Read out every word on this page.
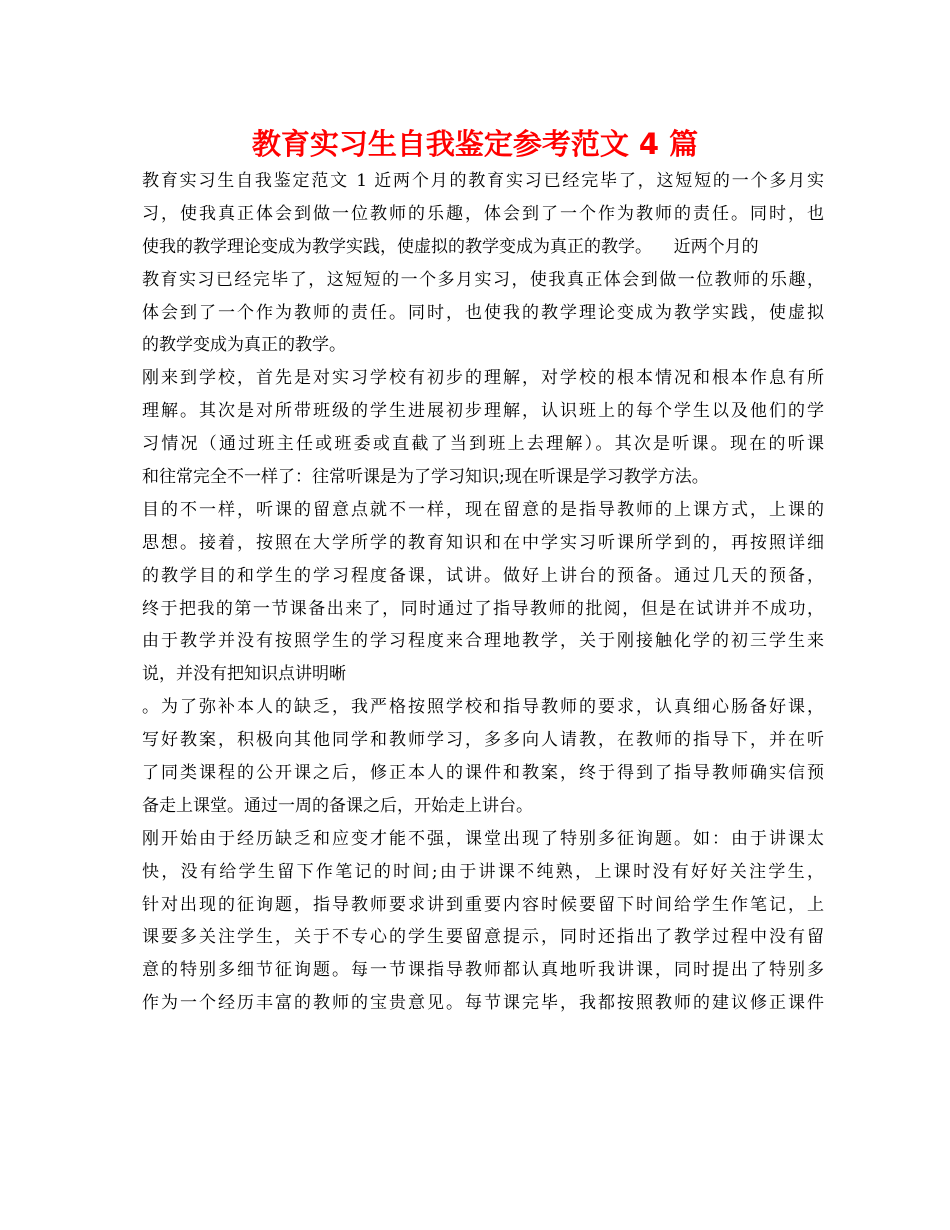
教育实习生自我鉴定参考范文 4 篇
教育实习生自我鉴定范文 1 近两个月的教育实习已经完毕了，这短短的一个多月实
习，使我真正体会到做一位教师的乐趣，体会到了一个作为教师的责任。同时，也
使我的教学理论变成为教学实践，使虚拟的教学变成为真正的教学。    近两个月的
教育实习已经完毕了，这短短的一个多月实习，使我真正体会到做一位教师的乐趣，
体会到了一个作为教师的责任。同时，也使我的教学理论变成为教学实践，使虚拟
的教学变成为真正的教学。
刚来到学校，首先是对实习学校有初步的理解，对学校的根本情况和根本作息有所
理解。其次是对所带班级的学生进展初步理解，认识班上的每个学生以及他们的学
习情况（通过班主任或班委或直截了当到班上去理解）。其次是听课。现在的听课
和往常完全不一样了：往常听课是为了学习知识;现在听课是学习教学方法。
目的不一样，听课的留意点就不一样，现在留意的是指导教师的上课方式，上课的
思想。接着，按照在大学所学的教育知识和在中学实习听课所学到的，再按照详细
的教学目的和学生的学习程度备课，试讲。做好上讲台的预备。通过几天的预备，
终于把我的第一节课备出来了，同时通过了指导教师的批阅，但是在试讲并不成功，
由于教学并没有按照学生的学习程度来合理地教学，关于刚接触化学的初三学生来
说，并没有把知识点讲明晰
。为了弥补本人的缺乏，我严格按照学校和指导教师的要求，认真细心肠备好课，
写好教案，积极向其他同学和教师学习，多多向人请教，在教师的指导下，并在听
了同类课程的公开课之后，修正本人的课件和教案，终于得到了指导教师确实信预
备走上课堂。通过一周的备课之后，开始走上讲台。
刚开始由于经历缺乏和应变才能不强，课堂出现了特别多征询题。如：由于讲课太
快，没有给学生留下作笔记的时间;由于讲课不纯熟，上课时没有好好关注学生，
针对出现的征询题，指导教师要求讲到重要内容时候要留下时间给学生作笔记，上
课要多关注学生，关于不专心的学生要留意提示，同时还指出了教学过程中没有留
意的特别多细节征询题。每一节课指导教师都认真地听我讲课，同时提出了特别多
作为一个经历丰富的教师的宝贵意见。每节课完毕，我都按照教师的建议修正课件
